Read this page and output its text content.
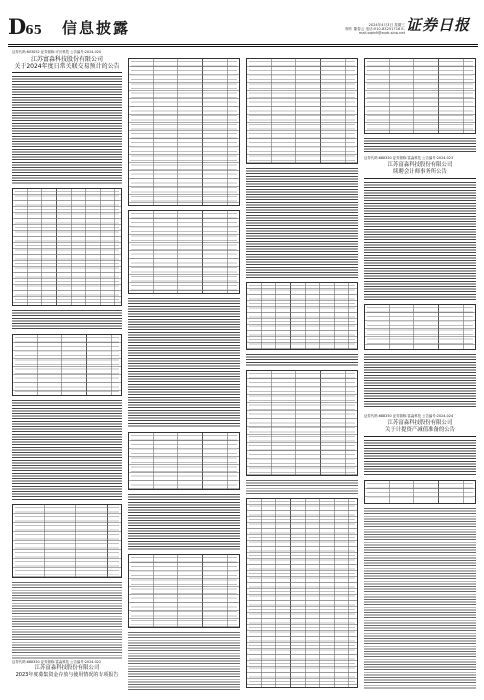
D65 信息披露	2024年4月3日 星期三
制作 董春云 电话:010-83251716 E-mail:zqrb9@zqrb.sina.net 证券日报
证券代码:603052 证券简称:可川科技 公告编号:2024-020
江苏富淼科技股份有限公司
关于2024年度日常关联交易预计的公告
证券代码:688350 证券简称:富淼科技 公告编号:2024-022
江苏富淼科技股份有限公司
2023年度募集资金存放与使用情况的专项报告
证券代码:688350 证券简称:富淼科技 公告编号:2024-023
江苏富淼科技股份有限公司
续聘会计师事务所公告
证券代码:688350 证券简称:富淼科技 公告编号:2024-024
江苏富淼科技股份有限公司
关于计提资产减值准备的公告
